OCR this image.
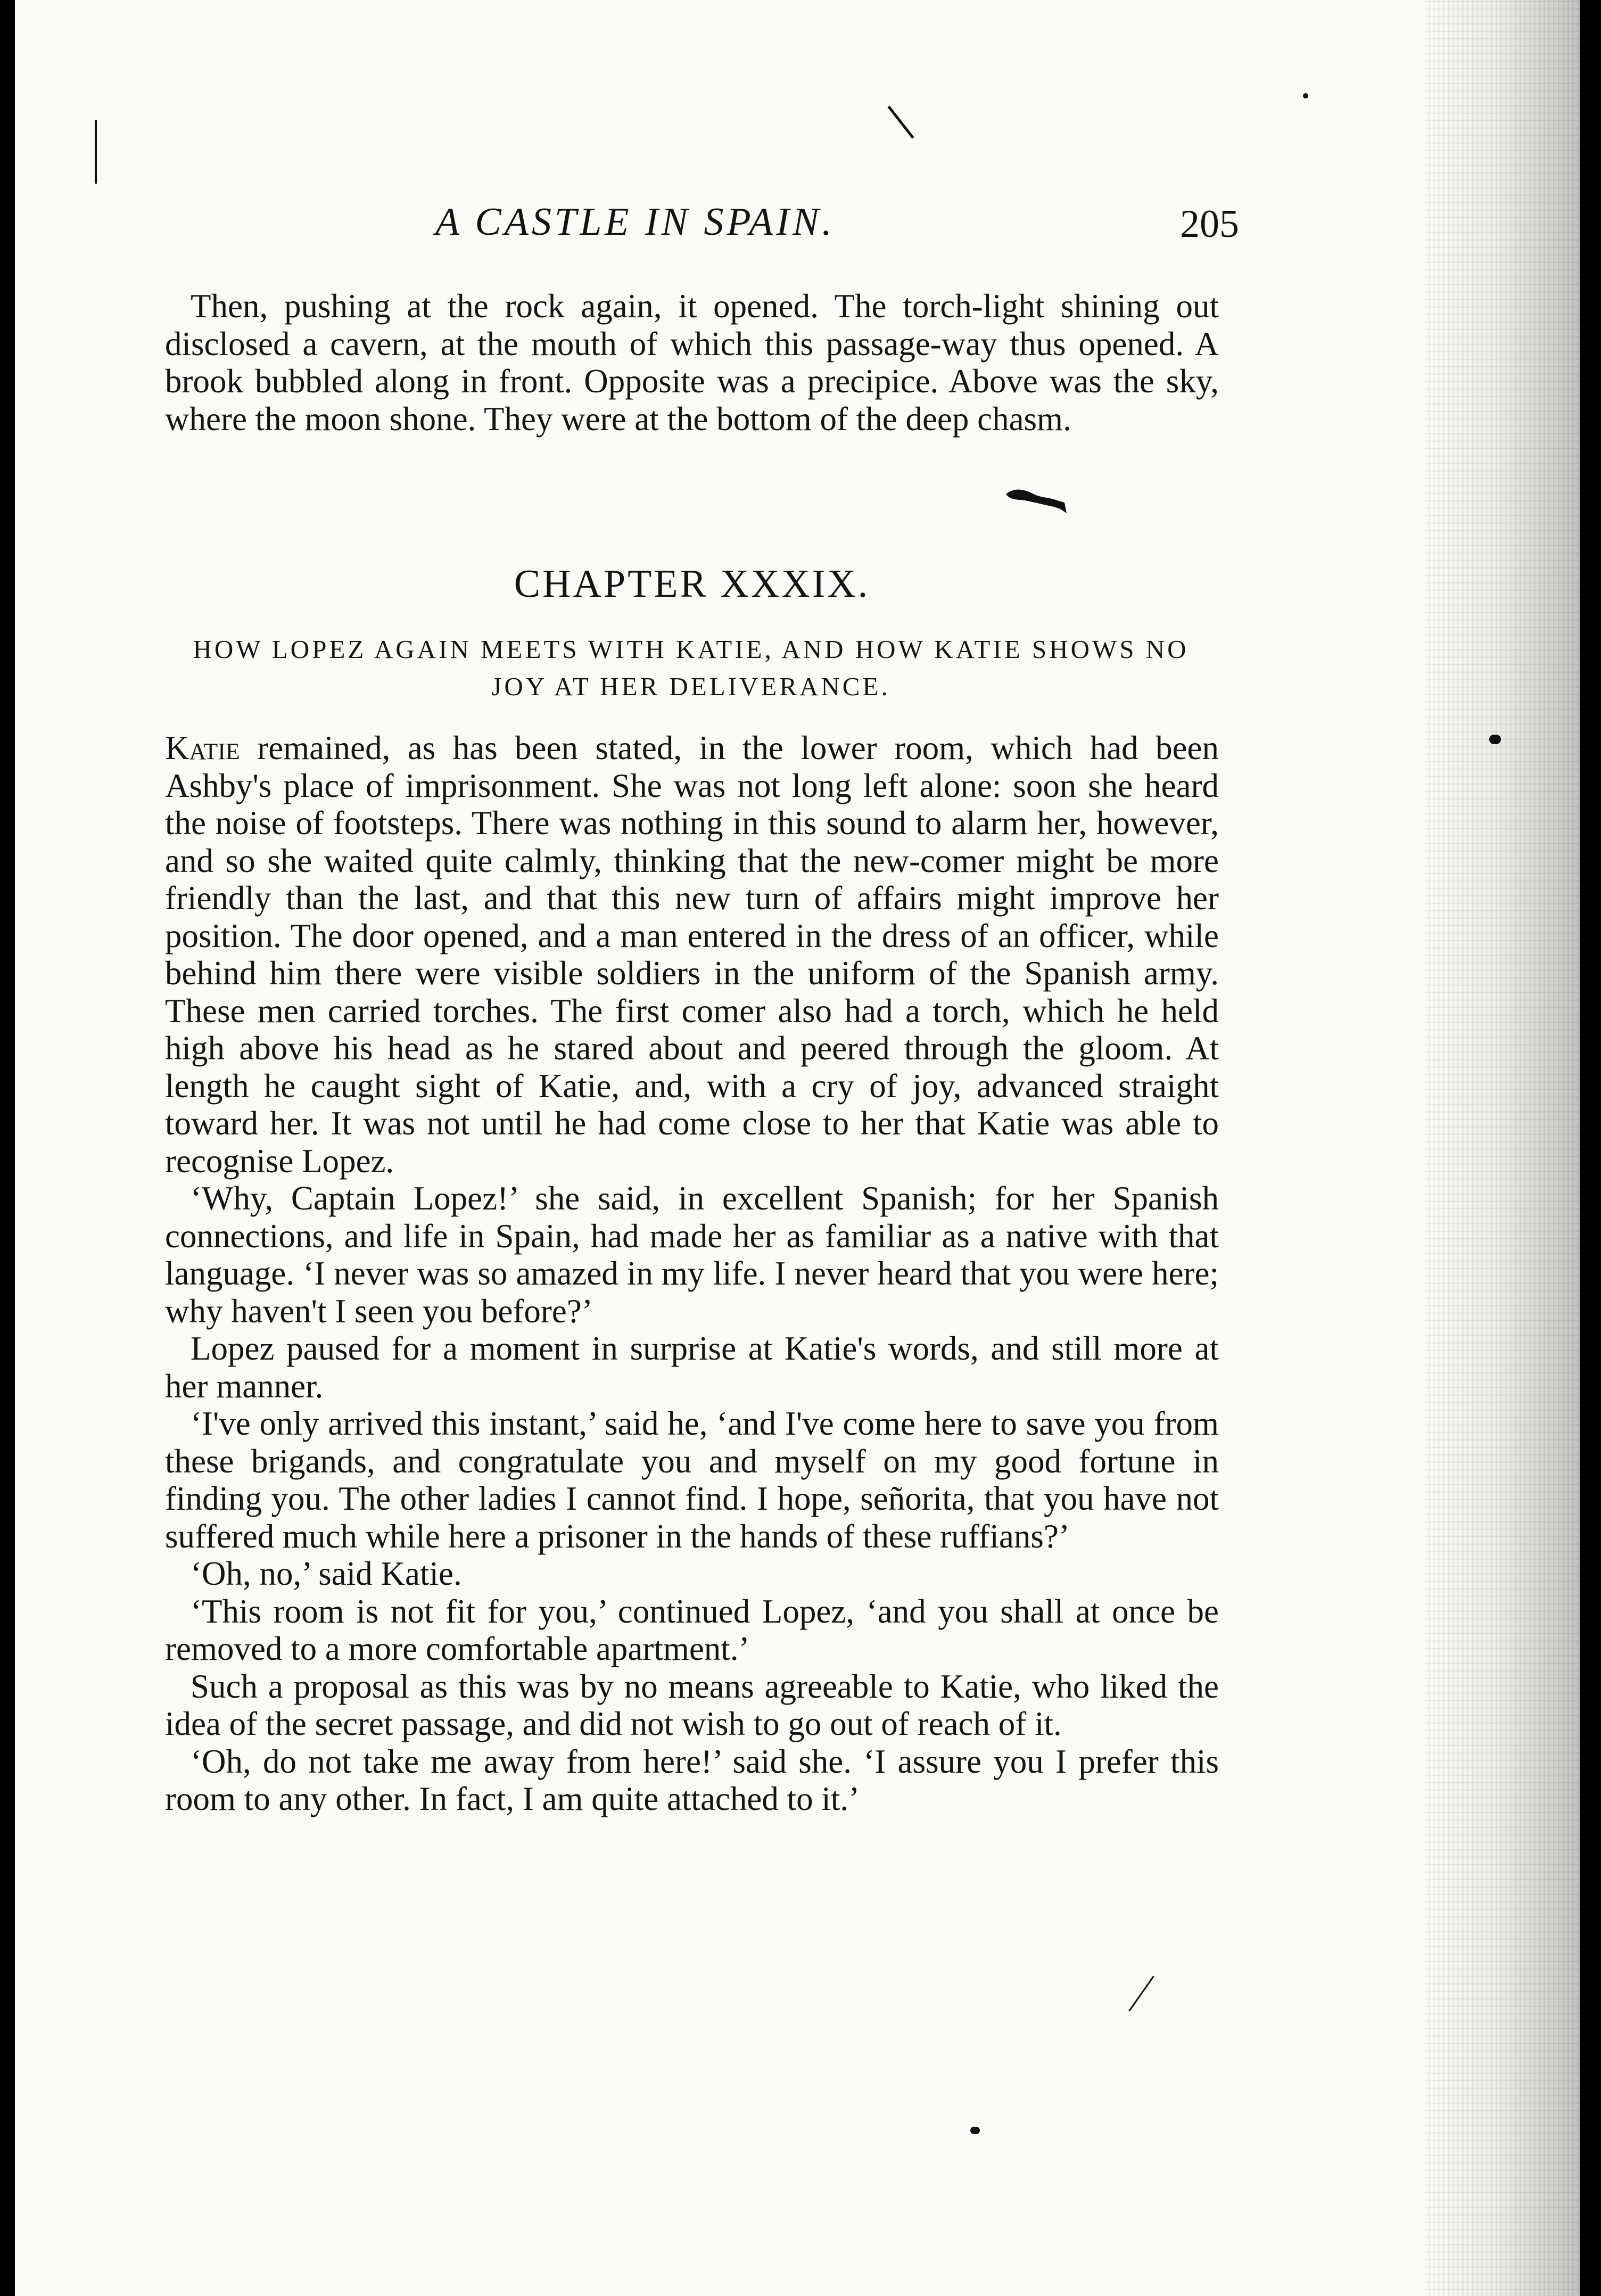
A CASTLE IN SPAIN.	205

Then, pushing at the rock again, it opened. The torch-light shining out disclosed a cavern, at the mouth of which this passage-way thus opened. A brook bubbled along in front. Opposite was a precipice. Above was the sky, where the moon shone. They were at the bottom of the deep chasm.

CHAPTER XXXIX.
HOW LOPEZ AGAIN MEETS WITH KATIE, AND HOW KATIE SHOWS NO JOY AT HER DELIVERANCE.

Katie remained, as has been stated, in the lower room, which had been Ashby's place of imprisonment. She was not long left alone: soon she heard the noise of footsteps. There was nothing in this sound to alarm her, however, and so she waited quite calmly, thinking that the new-comer might be more friendly than the last, and that this new turn of affairs might improve her position. The door opened, and a man entered in the dress of an officer, while behind him there were visible soldiers in the uniform of the Spanish army. These men carried torches. The first comer also had a torch, which he held high above his head as he stared about and peered through the gloom. At length he caught sight of Katie, and, with a cry of joy, advanced straight toward her. It was not until he had come close to her that Katie was able to recognise Lopez.

‘Why, Captain Lopez!’ she said, in excellent Spanish; for her Spanish connections, and life in Spain, had made her as familiar as a native with that language. ‘I never was so amazed in my life. I never heard that you were here; why haven't I seen you before?’

Lopez paused for a moment in surprise at Katie's words, and still more at her manner.

‘I've only arrived this instant,’ said he, ‘and I've come here to save you from these brigands, and congratulate you and myself on my good fortune in finding you. The other ladies I cannot find. I hope, señorita, that you have not suffered much while here a prisoner in the hands of these ruffians?’

‘Oh, no,’ said Katie.

‘This room is not fit for you,’ continued Lopez, ‘and you shall at once be removed to a more comfortable apartment.’

Such a proposal as this was by no means agreeable to Katie, who liked the idea of the secret passage, and did not wish to go out of reach of it.

‘Oh, do not take me away from here!’ said she. ‘I assure you I prefer this room to any other. In fact, I am quite attached to it.’
